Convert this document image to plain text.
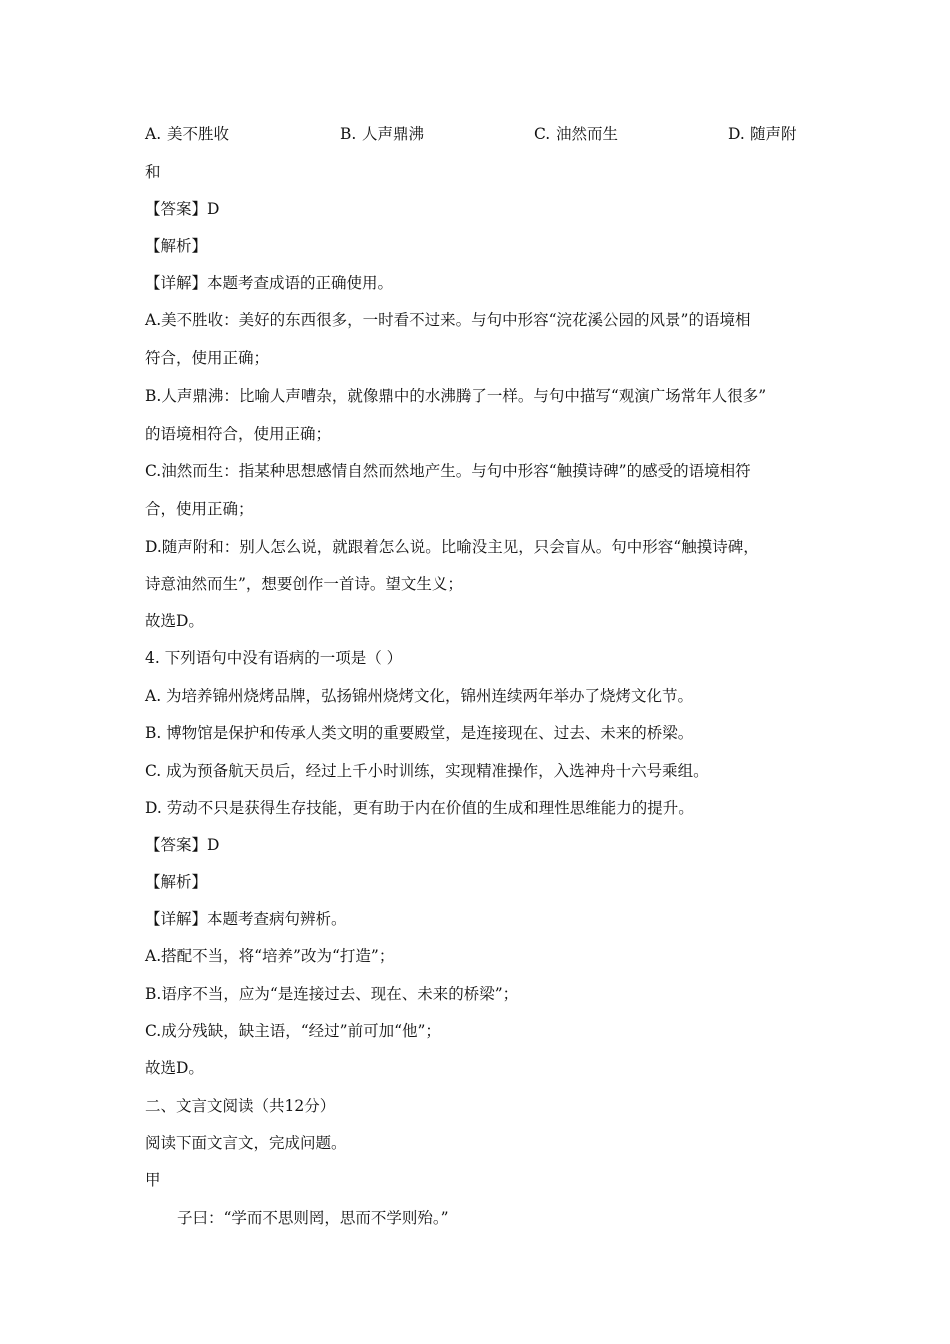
A. 美不胜收	B. 人声鼎沸	C. 油然而生	D. 随声附
和
【答案】D
【解析】
【详解】本题考查成语的正确使用。
A.美不胜收：美好的东西很多，一时看不过来。与句中形容“浣花溪公园的风景”的语境相
符合，使用正确；
B.人声鼎沸：比喻人声嘈杂，就像鼎中的水沸腾了一样。与句中描写“观演广场常年人很多”
的语境相符合，使用正确；
C.油然而生：指某种思想感情自然而然地产生。与句中形容“触摸诗碑”的感受的语境相符
合，使用正确；
D.随声附和：别人怎么说，就跟着怎么说。比喻没主见，只会盲从。句中形容“触摸诗碑，
诗意油然而生”，想要创作一首诗。望文生义；
故选D。
4. 下列语句中没有语病的一项是（ ）
A. 为培养锦州烧烤品牌，弘扬锦州烧烤文化，锦州连续两年举办了烧烤文化节。
B. 博物馆是保护和传承人类文明的重要殿堂，是连接现在、过去、未来的桥梁。
C. 成为预备航天员后，经过上千小时训练，实现精准操作，入选神舟十六号乘组。
D. 劳动不只是获得生存技能，更有助于内在价值的生成和理性思维能力的提升。
【答案】D
【解析】
【详解】本题考查病句辨析。
A.搭配不当，将“培养”改为“打造”；
B.语序不当，应为“是连接过去、现在、未来的桥梁”；
C.成分残缺，缺主语，“经过”前可加“他”；
故选D。
二、文言文阅读（共12分）
阅读下面文言文，完成问题。
甲
子曰：“学而不思则罔，思而不学则殆。”
